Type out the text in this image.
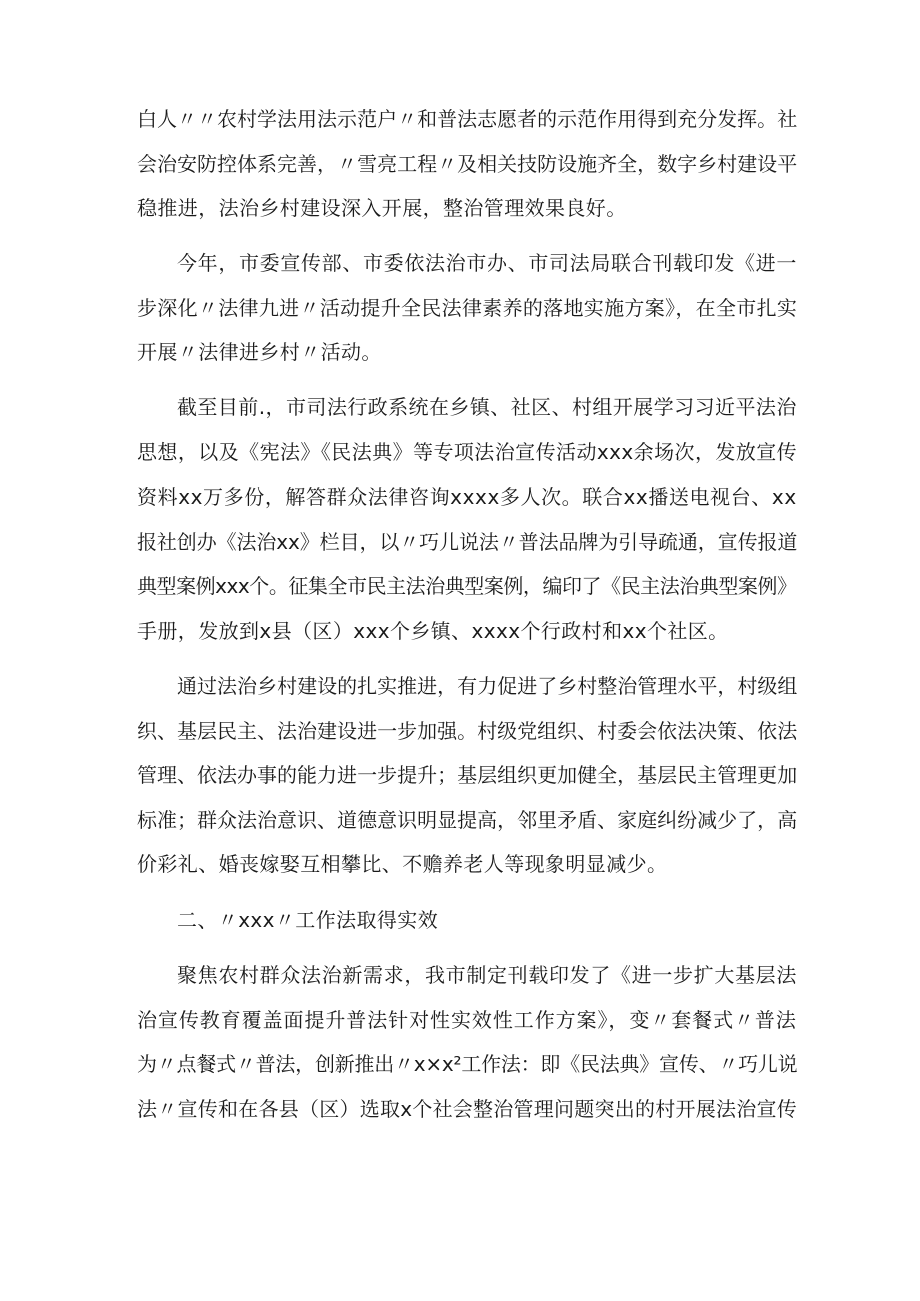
白人〃〃农村学法用法示范户〃和普法志愿者的示范作用得到充分发挥。社
会治安防控体系完善，〃雪亮工程〃及相关技防设施齐全，数字乡村建设平
稳推进，法治乡村建设深入开展，整治管理效果良好。
今年，市委宣传部、市委依法治市办、市司法局联合刊载印发《进一
步深化〃法律九进〃活动提升全民法律素养的落地实施方案》，在全市扎实
开展〃法律进乡村〃活动。
截至目前.，市司法行政系统在乡镇、社区、村组开展学习习近平法治
思想，以及《宪法》《民法典》等专项法治宣传活动xxx余场次，发放宣传
资料xx万多份，解答群众法律咨询xxxx多人次。联合xx播送电视台、xx
报社创办《法治xx》栏目，以〃巧儿说法〃普法品牌为引导疏通，宣传报道
典型案例xxx个。征集全市民主法治典型案例，编印了《民主法治典型案例》
手册，发放到x县（区）xxx个乡镇、xxxx个行政村和xx个社区。
通过法治乡村建设的扎实推进，有力促进了乡村整治管理水平，村级组
织、基层民主、法治建设进一步加强。村级党组织、村委会依法决策、依法
管理、依法办事的能力进一步提升；基层组织更加健全，基层民主管理更加
标准；群众法治意识、道德意识明显提高，邻里矛盾、家庭纠纷减少了，高
价彩礼、婚丧嫁娶互相攀比、不赡养老人等现象明显减少。
二、〃xxx〃工作法取得实效
聚焦农村群众法治新需求，我市制定刊载印发了《进一步扩大基层法
治宣传教育覆盖面提升普法针对性实效性工作方案》，变〃套餐式〃普法
为〃点餐式〃普法，创新推出〃x×x²工作法：即《民法典》宣传、〃巧儿说
法〃宣传和在各县（区）选取x个社会整治管理问题突出的村开展法治宣传
